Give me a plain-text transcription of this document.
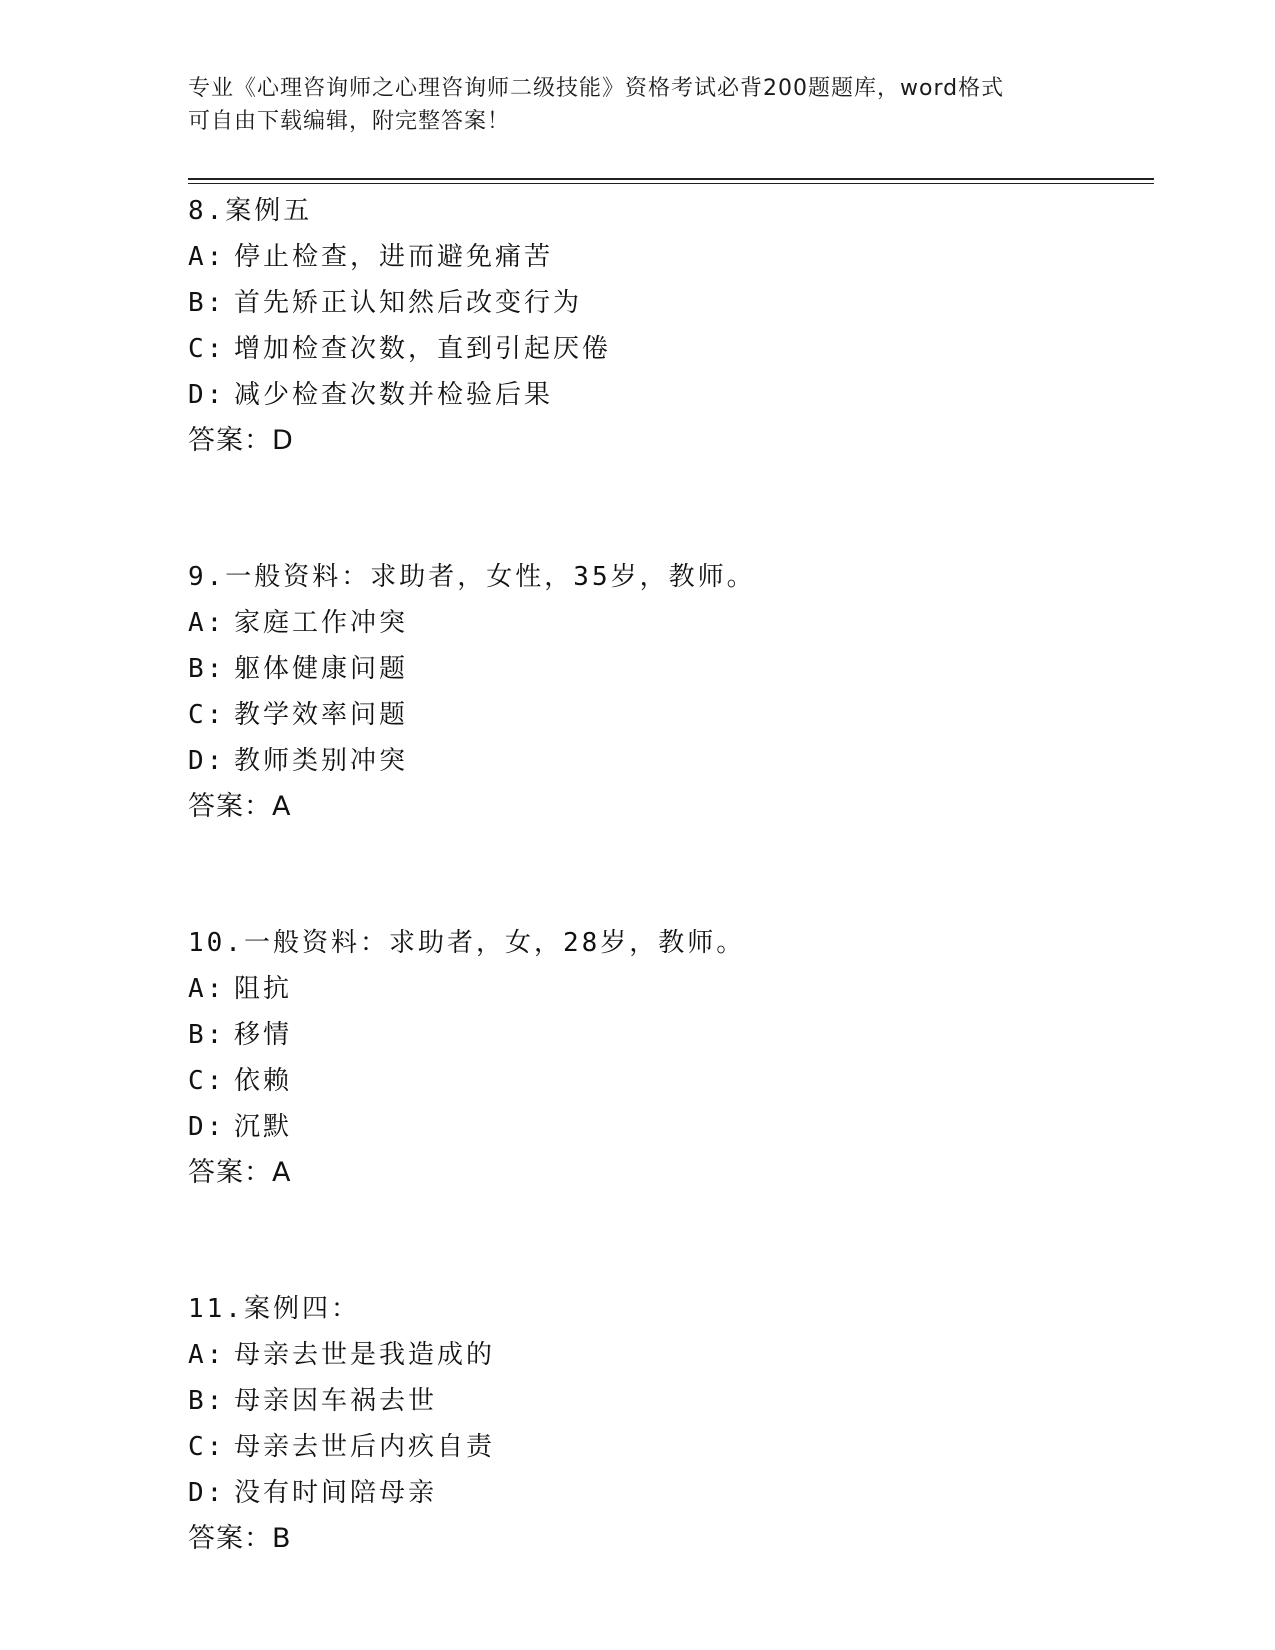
专业《心理咨询师之心理咨询师二级技能》资格考试必背200题题库，word格式
可自由下载编辑，附完整答案！
8.案例五
A: 停止检查，进而避免痛苦
B: 首先矫正认知然后改变行为
C: 增加检查次数，直到引起厌倦
D: 减少检查次数并检验后果
答案：D
9.一般资料：求助者，女性，35岁，教师。
A: 家庭工作冲突
B: 躯体健康问题
C: 教学效率问题
D: 教师类别冲突
答案：A
10.一般资料：求助者，女，28岁，教师。
A: 阻抗
B: 移情
C: 依赖
D: 沉默
答案：A
11.案例四：
A: 母亲去世是我造成的
B: 母亲因车祸去世
C: 母亲去世后内疚自责
D: 没有时间陪母亲
答案：B
